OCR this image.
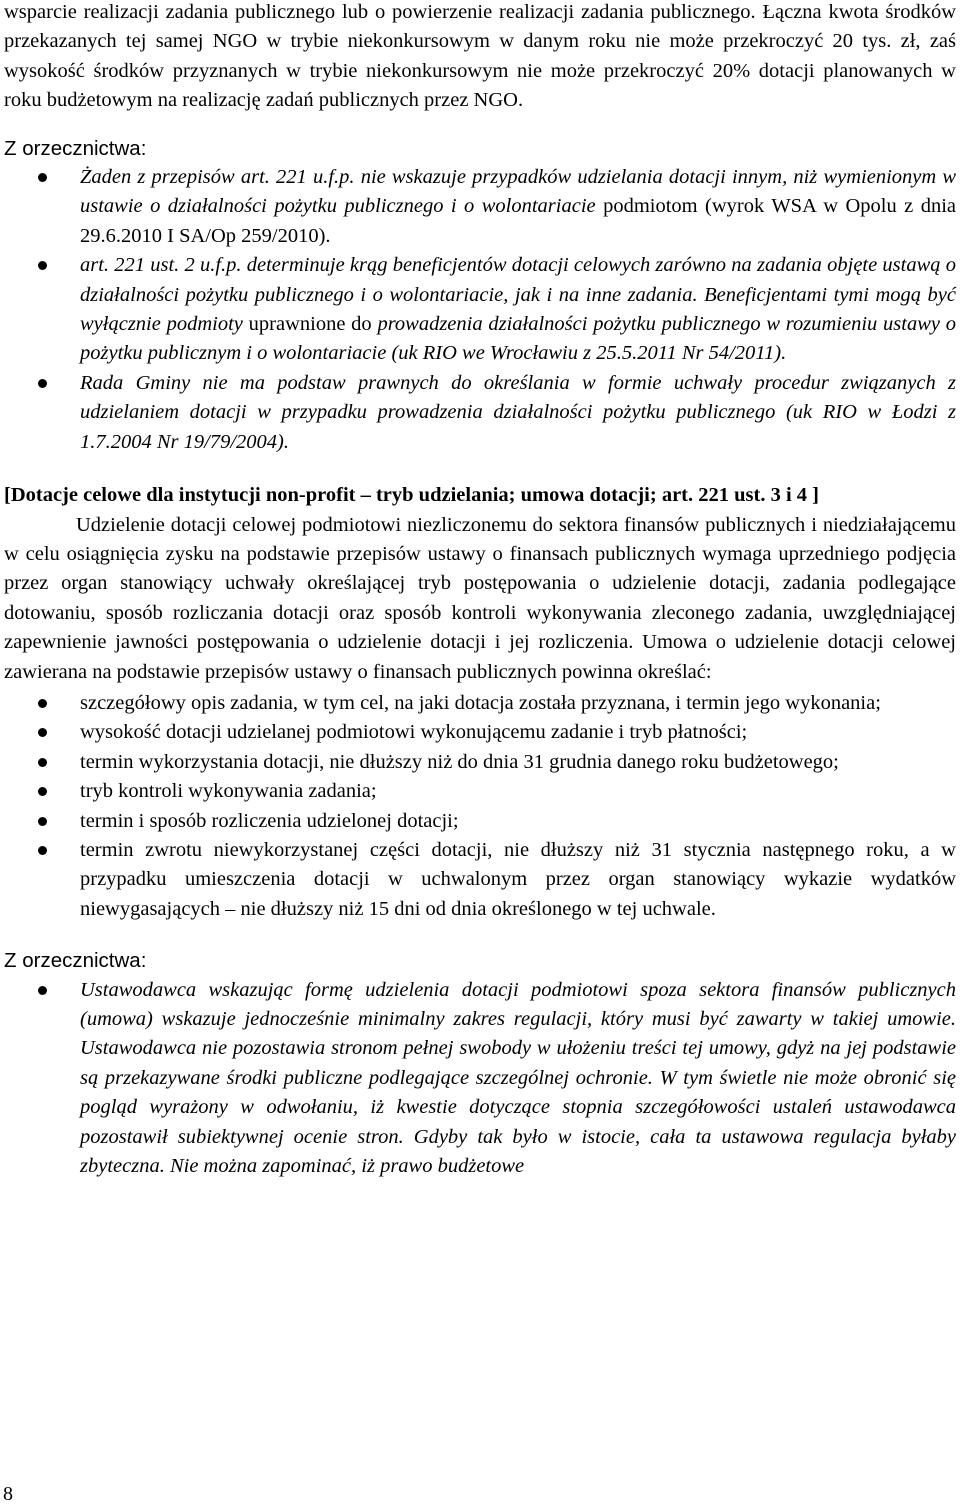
wsparcie realizacji zadania publicznego lub o powierzenie realizacji zadania publicznego. Łączna kwota środków przekazanych tej samej NGO w trybie niekonkursowym w danym roku nie może przekroczyć 20 tys. zł, zaś wysokość środków przyznanych w trybie niekonkursowym nie może przekroczyć 20% dotacji planowanych w roku budżetowym na realizację zadań publicznych przez NGO.

Z orzecznictwa:

Żaden z przepisów art. 221 u.f.p. nie wskazuje przypadków udzielania dotacji innym, niż wymienionym w ustawie o działalności pożytku publicznego i o wolontariacie podmiotom (wyrok WSA w Opolu z dnia 29.6.2010 I SA/Op 259/2010).
art. 221 ust. 2 u.f.p. determinuje krąg beneficjentów dotacji celowych zarówno na zadania objęte ustawą o działalności pożytku publicznego i o wolontariacie, jak i na inne zadania. Beneficjentami tymi mogą być wyłącznie podmioty uprawnione do prowadzenia działalności pożytku publicznego w rozumieniu ustawy o pożytku publicznym i o wolontariacie (uk RIO we Wrocławiu z 25.5.2011 Nr 54/2011).
Rada Gminy nie ma podstaw prawnych do określania w formie uchwały procedur związanych z udzielaniem dotacji w przypadku prowadzenia działalności pożytku publicznego (uk RIO w Łodzi z 1.7.2004 Nr 19/79/2004).

[Dotacje celowe dla instytucji non-profit – tryb udzielania; umowa dotacji; art. 221 ust. 3 i 4 ]

Udzielenie dotacji celowej podmiotowi niezliczonemu do sektora finansów publicznych i niedziałającemu w celu osiągnięcia zysku na podstawie przepisów ustawy o finansach publicznych wymaga uprzedniego podjęcia przez organ stanowiący uchwały określającej tryb postępowania o udzielenie dotacji, zadania podlegające dotowaniu, sposób rozliczania dotacji oraz sposób kontroli wykonywania zleconego zadania, uwzględniającej zapewnienie jawności postępowania o udzielenie dotacji i jej rozliczenia. Umowa o udzielenie dotacji celowej zawierana na podstawie przepisów ustawy o finansach publicznych powinna określać:

szczegółowy opis zadania, w tym cel, na jaki dotacja została przyznana, i termin jego wykonania;
wysokość dotacji udzielanej podmiotowi wykonującemu zadanie i tryb płatności;
termin wykorzystania dotacji, nie dłuższy niż do dnia 31 grudnia danego roku budżetowego;
tryb kontroli wykonywania zadania;
termin i sposób rozliczenia udzielonej dotacji;
termin zwrotu niewykorzystanej części dotacji, nie dłuższy niż 31 stycznia następnego roku, a w przypadku umieszczenia dotacji w uchwalonym przez organ stanowiący wykazie wydatków niewygasających – nie dłuższy niż 15 dni od dnia określonego w tej uchwale.

Z orzecznictwa:

Ustawodawca wskazując formę udzielenia dotacji podmiotowi spoza sektora finansów publicznych (umowa) wskazuje jednocześnie minimalny zakres regulacji, który musi być zawarty w takiej umowie. Ustawodawca nie pozostawia stronom pełnej swobody w ułożeniu treści tej umowy, gdyż na jej podstawie są przekazywane środki publiczne podlegające szczególnej ochronie. W tym świetle nie może obronić się pogląd wyrażony w odwołaniu, iż kwestie dotyczące stopnia szczegółowości ustaleń ustawodawca pozostawił subiektywnej ocenie stron. Gdyby tak było w istocie, cała ta ustawowa regulacja byłaby zbyteczna. Nie można zapominać, iż prawo budżetowe
8
